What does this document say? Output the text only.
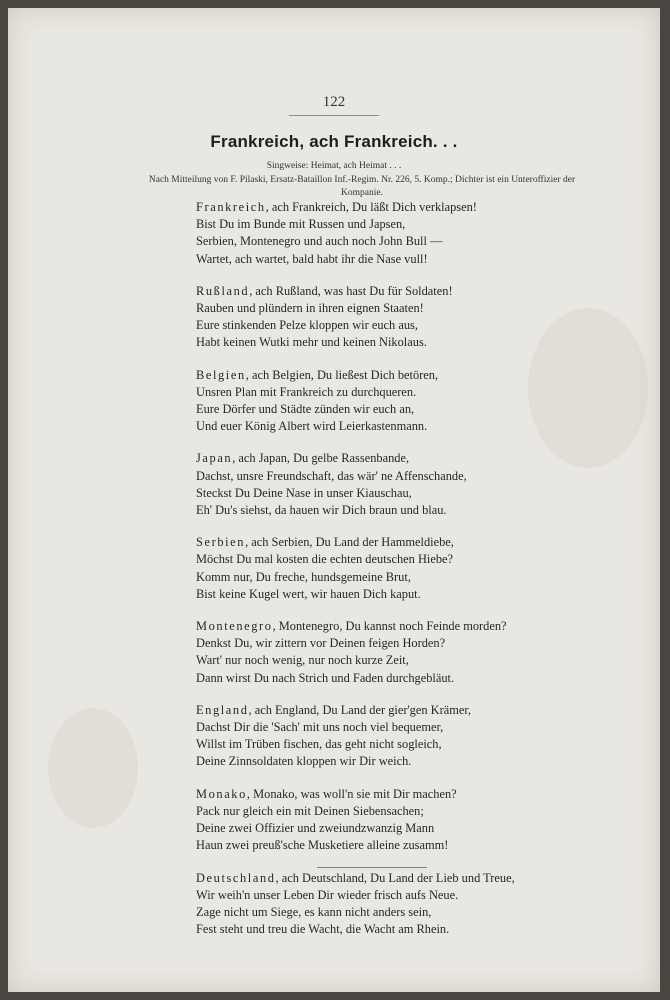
122
Frankreich, ach Frankreich. . .
Singweise: Heimat, ach Heimat . . .
Nach Mitteilung von F. Pilaski, Ersatz-Bataillon Inf.-Regim. Nr. 226, 5. Komp.; Dichter ist ein Unteroffizier der Kompanie.
Frankreich, ach Frankreich, Du läßt Dich verklapsen!
Bist Du im Bunde mit Russen und Japsen,
Serbien, Montenegro und auch noch John Bull —
Wartet, ach wartet, bald habt ihr die Nase vull!
Rußland, ach Rußland, was hast Du für Soldaten!
Rauben und plündern in ihren eignen Staaten!
Eure stinkenden Pelze kloppen wir euch aus,
Habt keinen Wutki mehr und keinen Nikolaus.
Belgien, ach Belgien, Du ließest Dich betören,
Unsren Plan mit Frankreich zu durchqueren.
Eure Dörfer und Städte zünden wir euch an,
Und euer König Albert wird Leierkastenmann.
Japan, ach Japan, Du gelbe Rassenbande,
Dachst, unsre Freundschaft, das wär' ne Affenschande,
Steckst Du Deine Nase in unser Kiauschau,
Eh' Du's siehst, da hauen wir Dich braun und blau.
Serbien, ach Serbien, Du Land der Hammeldiebe,
Möchst Du mal kosten die echten deutschen Hiebe?
Komm nur, Du freche, hundsgemeine Brut,
Bist keine Kugel wert, wir hauen Dich kaput.
Montenegro, Montenegro, Du kannst noch Feinde morden?
Denkst Du, wir zittern vor Deinen feigen Horden?
Wart' nur noch wenig, nur noch kurze Zeit,
Dann wirst Du nach Strich und Faden durchgebläut.
England, ach England, Du Land der gier'gen Krämer,
Dachst Dir die 'Sach' mit uns noch viel bequemer,
Willst im Trüben fischen, das geht nicht sogleich,
Deine Zinnsoldaten kloppen wir Dir weich.
Monako, Monako, was woll'n sie mit Dir machen?
Pack nur gleich ein mit Deinen Siebensachen;
Deine zwei Offizier und zweiundzwanzig Mann
Haun zwei preuß'sche Musketiere alleine zusamm!
Deutschland, ach Deutschland, Du Land der Lieb und Treue,
Wir weih'n unser Leben Dir wieder frisch aufs Neue.
Zage nicht um Siege, es kann nicht anders sein,
Fest steht und treu die Wacht, die Wacht am Rhein.
